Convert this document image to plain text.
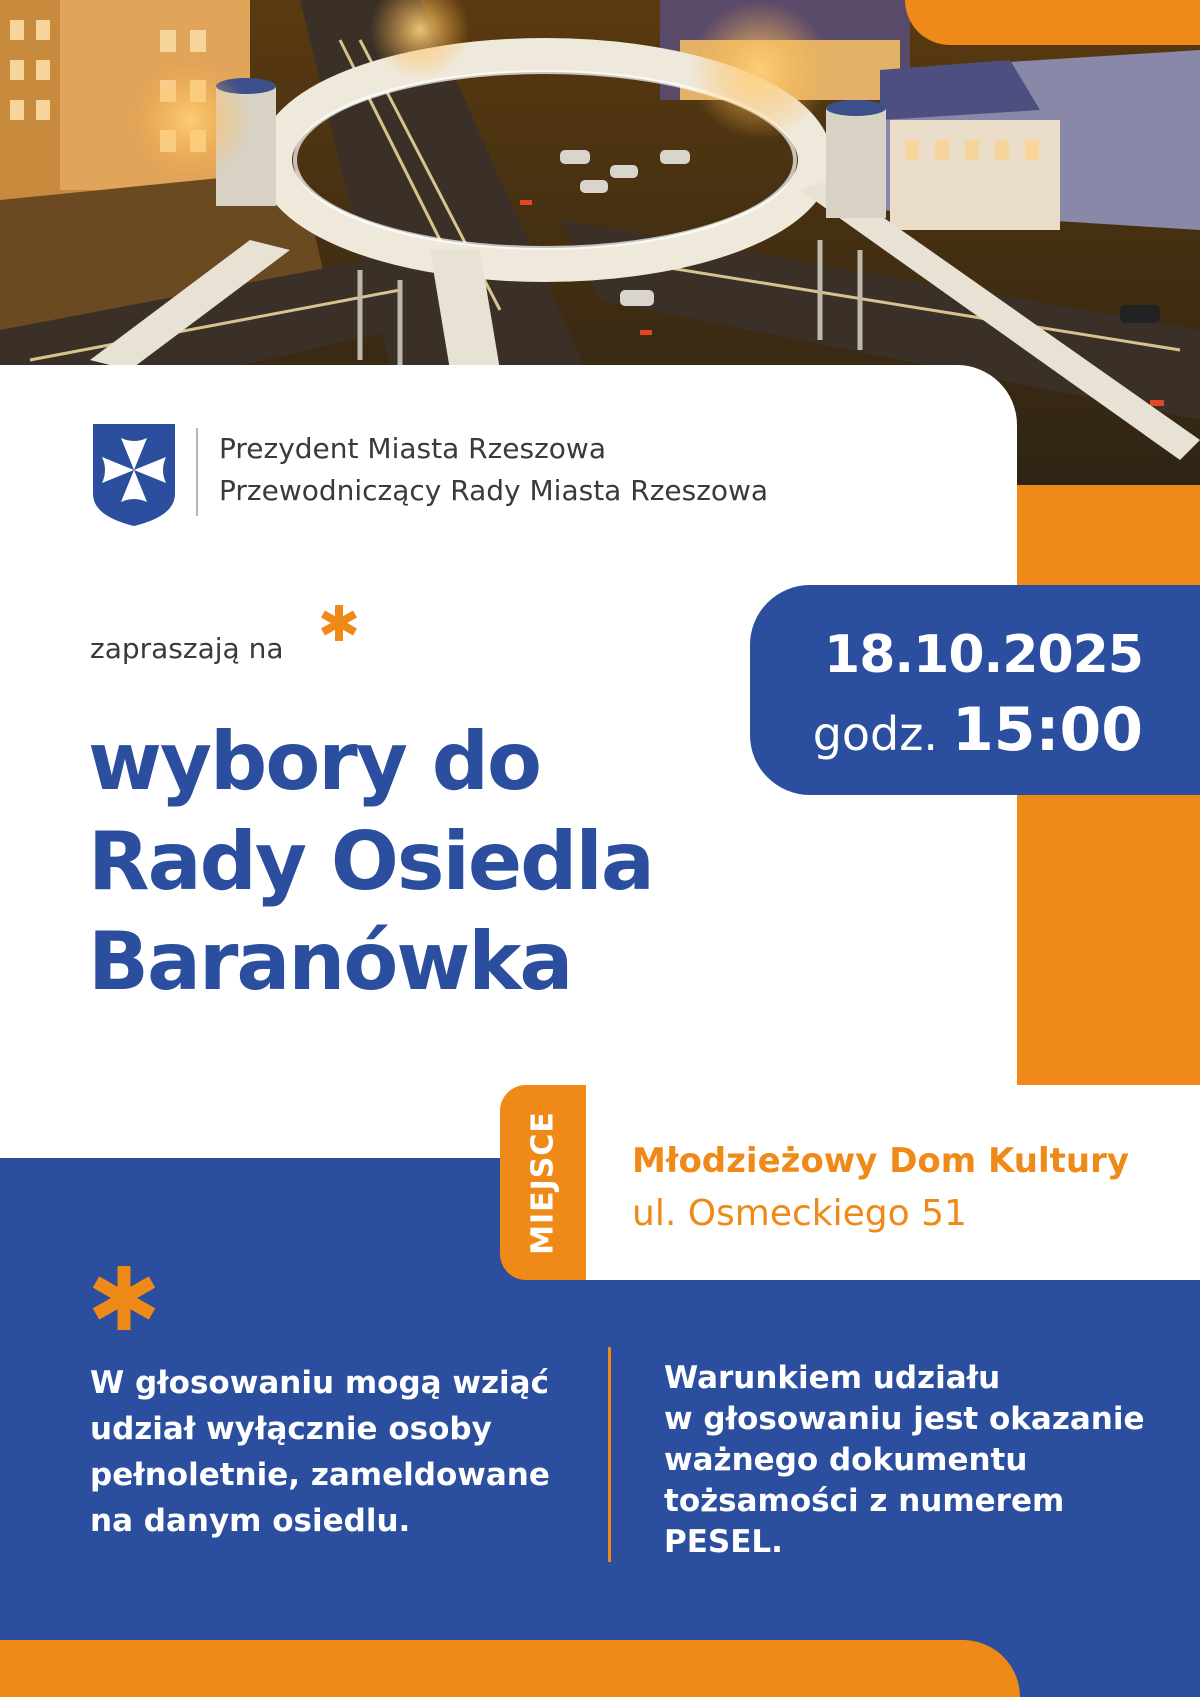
Prezydent Miasta Rzeszowa
Przewodniczący Rady Miasta Rzeszowa
zapraszają na
wybory do
Rady Osiedla
Baranówka
18.10.2025
godz. 15:00
MIEJSCE Młodzieżowy Dom Kultury
ul. Osmeckiego 51
W głosowaniu mogą wziąć
udział wyłącznie osoby
pełnoletnie, zameldowane
na danym osiedlu.
Warunkiem udziału
w głosowaniu jest okazanie
ważnego dokumentu
tożsamości z numerem
PESEL.
